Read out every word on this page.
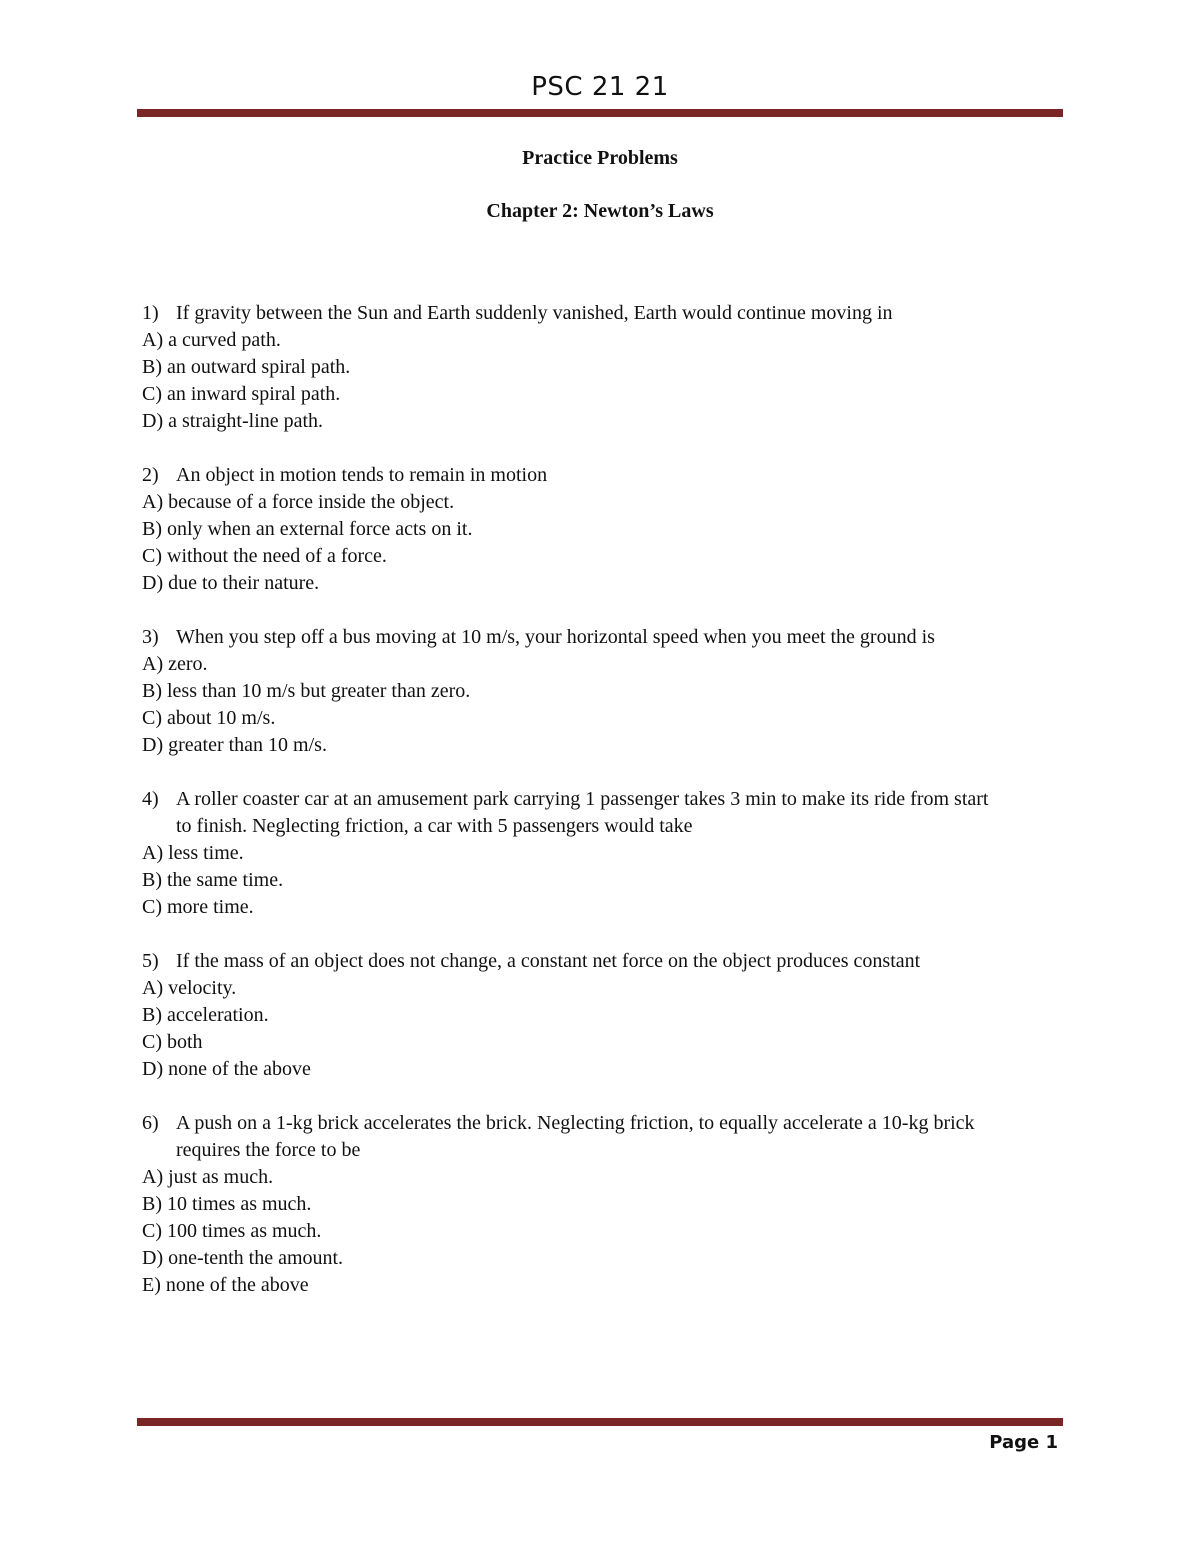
PSC 21 21
Practice Problems
Chapter 2: Newton’s Laws
1) If gravity between the Sun and Earth suddenly vanished, Earth would continue moving in
A) a curved path.
B) an outward spiral path.
C) an inward spiral path.
D) a straight-line path.
2) An object in motion tends to remain in motion
A) because of a force inside the object.
B) only when an external force acts on it.
C) without the need of a force.
D) due to their nature.
3) When you step off a bus moving at 10 m/s, your horizontal speed when you meet the ground is
A) zero.
B) less than 10 m/s but greater than zero.
C) about 10 m/s.
D) greater than 10 m/s.
4) A roller coaster car at an amusement park carrying 1 passenger takes 3 min to make its ride from start to finish. Neglecting friction, a car with 5 passengers would take
A) less time.
B) the same time.
C) more time.
5) If the mass of an object does not change, a constant net force on the object produces constant
A) velocity.
B) acceleration.
C) both
D) none of the above
6) A push on a 1-kg brick accelerates the brick. Neglecting friction, to equally accelerate a 10-kg brick requires the force to be
A) just as much.
B) 10 times as much.
C) 100 times as much.
D) one-tenth the amount.
E) none of the above
Page 1
